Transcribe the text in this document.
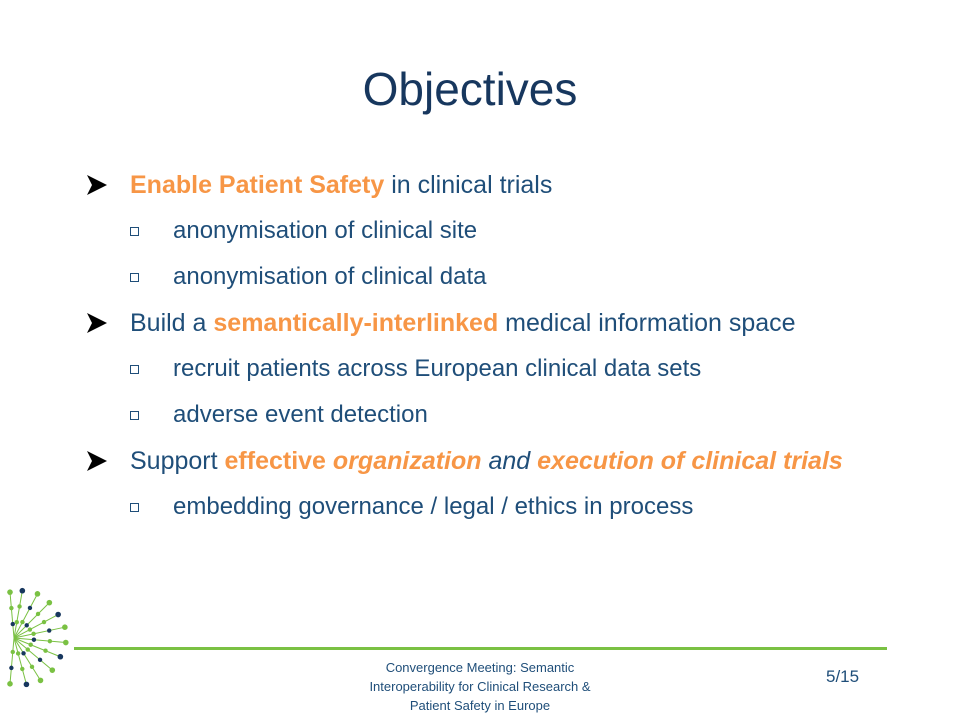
Objectives
Enable Patient Safety in clinical trials
anonymisation of clinical site
anonymisation of clinical data
Build a semantically-interlinked medical information space
recruit patients across European clinical data sets
adverse event detection
Support effective organization and execution of clinical trials
embedding governance / legal / ethics in process
Convergence Meeting: Semantic
Interoperability for Clinical Research &
Patient Safety in Europe
5/15
